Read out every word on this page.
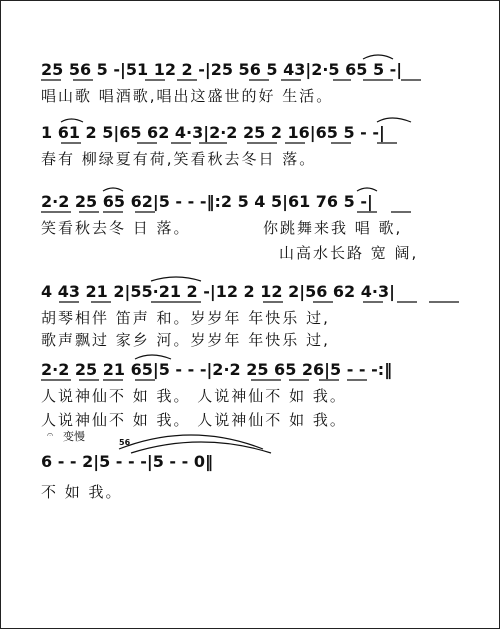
25 56 5 -|51 12 2 -|25 56 5 43|2·5 65 5 -|
唱山歌 唱酒歌,唱出这盛世的好 生活。
1 61 2 5|65 62 4·3|2·2 25 2 16|65 5 - -|
春有 柳绿夏有荷,笑看秋去冬日 落。
2·2 25 65 62|5 - - -‖:2 5 4 5|61 76 5 -|
笑看秋去冬 日 落。	你跳舞来我 唱 歌,
山高水长路 宽 阔,
4 43 21 2|55·21 2 -|12 2 12 2|56 62 4·3|
胡琴相伴 笛声 和。岁岁年 年快乐 过,
歌声飘过 家乡 河。岁岁年 年快乐 过,
2·2 25 21 65|5 - - -|2·2 25 65 26|5 - - -:‖
人说神仙不 如 我。 人说神仙不 如 我。
人说神仙不 如 我。 人说神仙不 如 我。
𝄐 变慢	56
6 - - 2|5 - - -|5 - - 0‖
不 如 我。
